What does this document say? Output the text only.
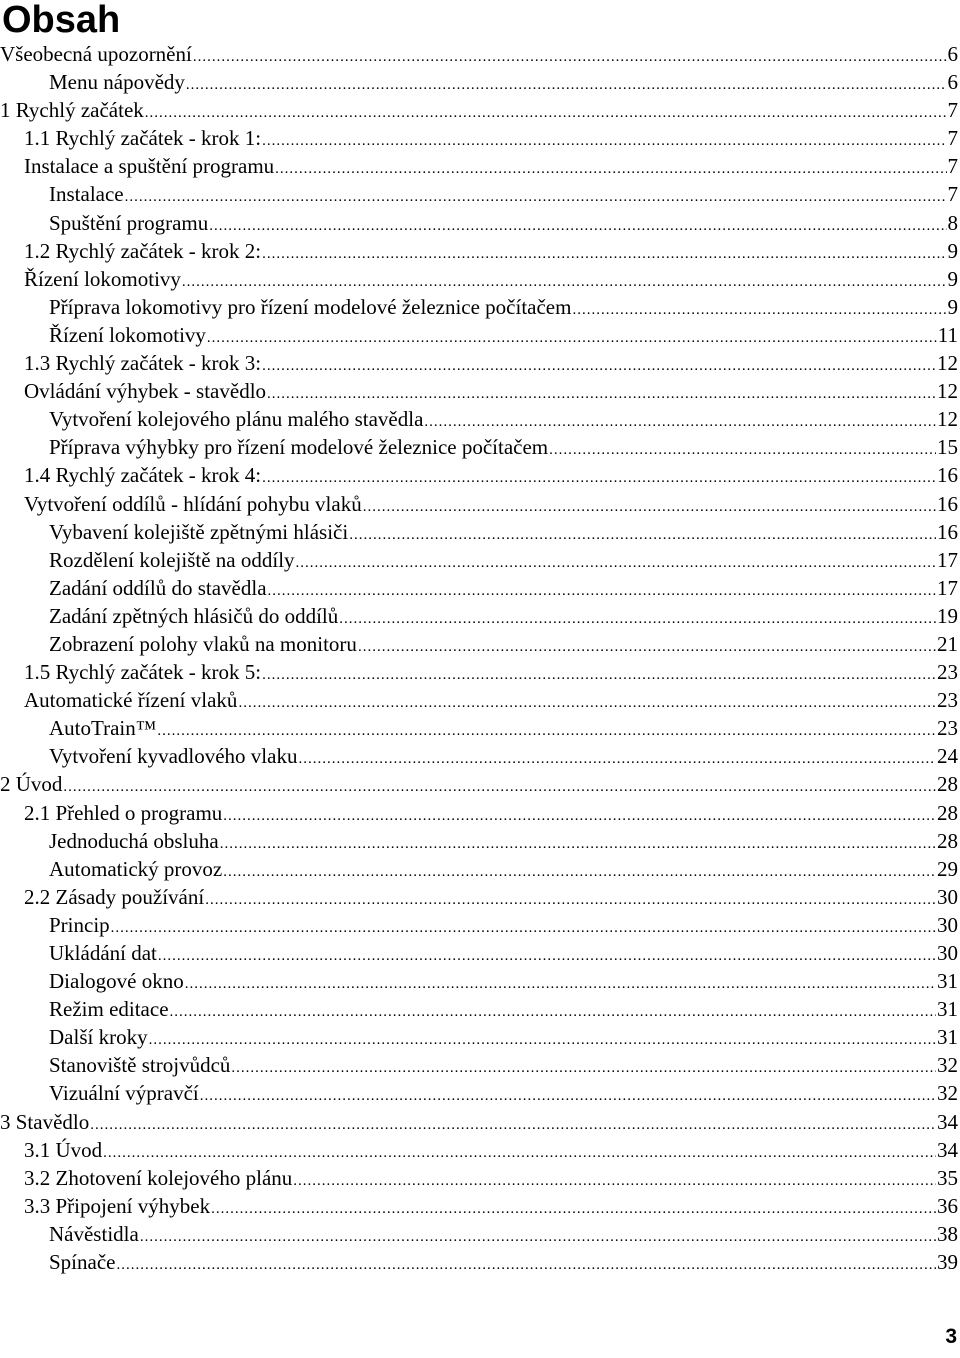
Obsah
Všeobecná upozornění .....	6
Menu nápovědy .....	6
1 Rychlý začátek .....	7
1.1 Rychlý začátek - krok 1: .....	7
Instalace a spuštění programu .....	7
Instalace .....	7
Spuštění programu .....	8
1.2 Rychlý začátek - krok 2: .....	9
Řízení lokomotivy .....	9
Příprava lokomotivy pro řízení modelové železnice počítačem .....	9
Řízení lokomotivy .....	11
1.3 Rychlý začátek - krok 3: .....	12
Ovládání výhybek - stavědlo .....	12
Vytvoření kolejového plánu malého stavědla .....	12
Příprava výhybky pro řízení modelové železnice počítačem .....	15
1.4 Rychlý začátek - krok 4: .....	16
Vytvoření oddílů - hlídání pohybu vlaků .....	16
Vybavení kolejiště zpětnými hlásiči .....	16
Rozdělení kolejiště na oddíly .....	17
Zadání oddílů do stavědla .....	17
Zadání zpětných hlásičů do oddílů .....	19
Zobrazení polohy vlaků na monitoru .....	21
1.5 Rychlý začátek - krok 5: .....	23
Automatické řízení vlaků .....	23
AutoTrain™ .....	23
Vytvoření kyvadlového vlaku .....	24
2 Úvod .....	28
2.1 Přehled o programu .....	28
Jednoduchá obsluha .....	28
Automatický provoz .....	29
2.2 Zásady používání .....	30
Princip .....	30
Ukládání dat .....	30
Dialogové okno .....	31
Režim editace .....	31
Další kroky .....	31
Stanoviště strojvůdců .....	32
Vizuální výpravčí .....	32
3 Stavědlo .....	34
3.1 Úvod .....	34
3.2 Zhotovení kolejového plánu .....	35
3.3 Připojení výhybek .....	36
Návěstidla .....	38
Spínače .....	39
3
